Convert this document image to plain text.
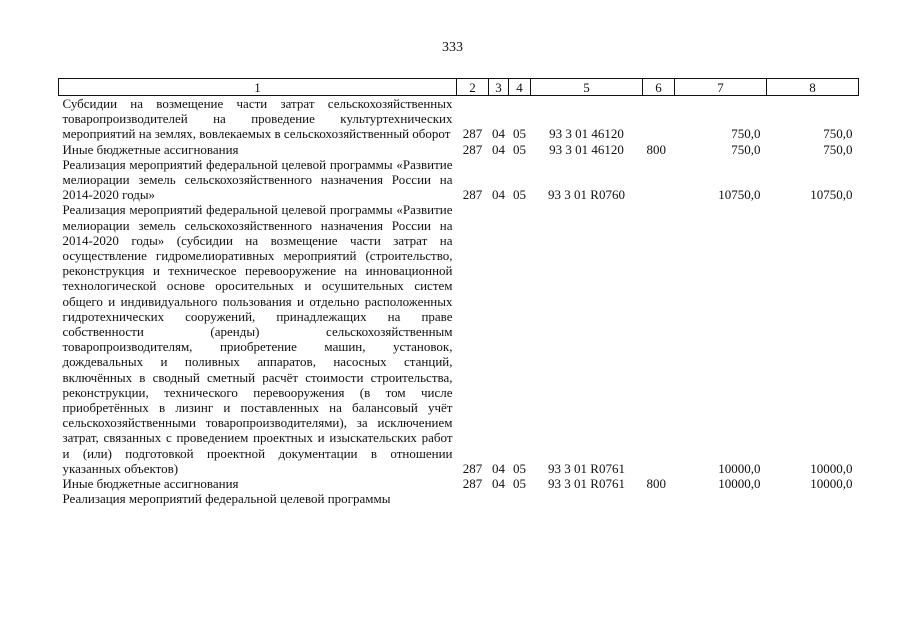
333
1	2	3	4	5	6	7	8
Субсидии на возмещение части затрат сельскохозяйственных товаропроизводителей на проведение культуртехнических мероприятий на землях, вовлекаемых в сельскохозяйственный оборот	287	04	05	93 3 01 46120		750,0	750,0
Иные бюджетные ассигнования	287	04	05	93 3 01 46120	800	750,0	750,0
Реализация мероприятий федеральной целевой программы «Развитие мелиорации земель сельскохозяйственного назначения России на 2014-2020 годы»	287	04	05	93 3 01 R0760		10750,0	10750,0
Реализация мероприятий федеральной целевой программы «Развитие мелиорации земель сельскохозяйственного назначения России на 2014-2020 годы» (субсидии на возмещение части затрат на осуществление гидромелиоративных мероприятий (строительство, реконструкция и техническое перевооружение на инновационной технологической основе оросительных и осушительных систем общего и индивидуального пользования и отдельно расположенных гидротехнических сооружений, принадлежащих на праве собственности (аренды) сельскохозяйственным товаропроизводителям, приобретение машин, установок, дождевальных и поливных аппаратов, насосных станций, включённых в сводный сметный расчёт стоимости строительства, реконструкции, технического перевооружения (в том числе приобретённых в лизинг и поставленных на балансовый учёт сельскохозяйственными товаропроизводителями), за исключением затрат, связанных с проведением проектных и изыскательских работ и (или) подготовкой проектной документации в отношении указанных объектов)	287	04	05	93 3 01 R0761		10000,0	10000,0
Иные бюджетные ассигнования	287	04	05	93 3 01 R0761	800	10000,0	10000,0
Реализация мероприятий федеральной целевой программы							
